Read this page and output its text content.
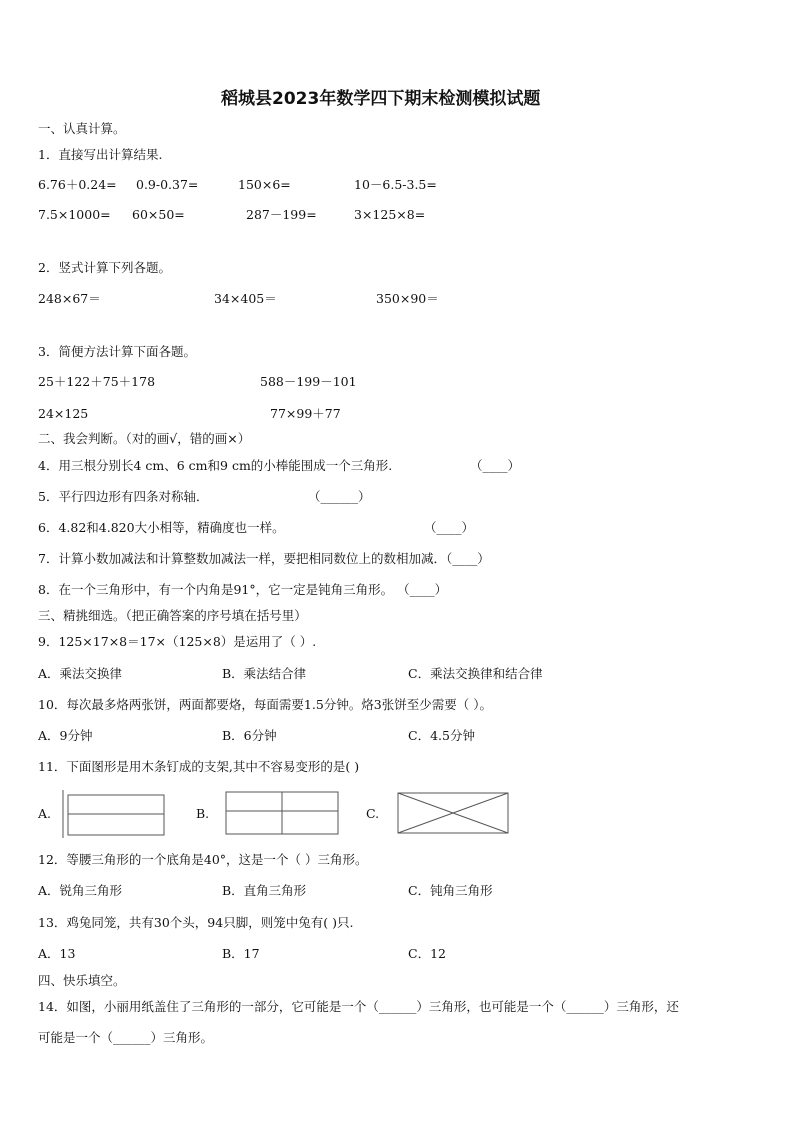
稻城县2023年数学四下期末检测模拟试题
一、认真计算。
1．直接写出计算结果.
6.76＋0.24= 0.9-0.37=	150×6=	10－6.5-3.5=
7.5×1000= 60×50=	287－199=	3×125×8=
2．竖式计算下列各题。
248×67＝	34×405＝	350×90＝
3．简便方法计算下面各题。
25＋122＋75＋178	588－199－101
24×125	77×99＋77
二、我会判断。（对的画√，错的画×）
4．用三根分别长4 cm、6 cm和9 cm的小棒能围成一个三角形.	（____）
5．平行四边形有四条对称轴．	（______）
6．4.82和4.820大小相等，精确度也一样。	（____）
7．计算小数加减法和计算整数加减法一样，要把相同数位上的数相加减．（____）
8．在一个三角形中，有一个内角是91°，它一定是钝角三角形。 （____）
三、精挑细选。（把正确答案的序号填在括号里）
9．125×17×8＝17×（125×8）是运用了（ ）.
A．乘法交换律	B．乘法结合律	C．乘法交换律和结合律
10．每次最多烙两张饼，两面都要烙，每面需要1.5分钟。烙3张饼至少需要（ ）。
A．9分钟	B．6分钟	C．4.5分钟
11．下面图形是用木条钉成的支架,其中不容易变形的是( )
A.	B.	C.
12．等腰三角形的一个底角是40°，这是一个（ ）三角形。
A．锐角三角形	B．直角三角形	C．钝角三角形
13．鸡兔同笼，共有30个头，94只脚，则笼中兔有( )只.
A．13	B．17	C．12
四、快乐填空。
14．如图，小丽用纸盖住了三角形的一部分，它可能是一个（______）三角形，也可能是一个（______）三角形，还
可能是一个（______）三角形。
